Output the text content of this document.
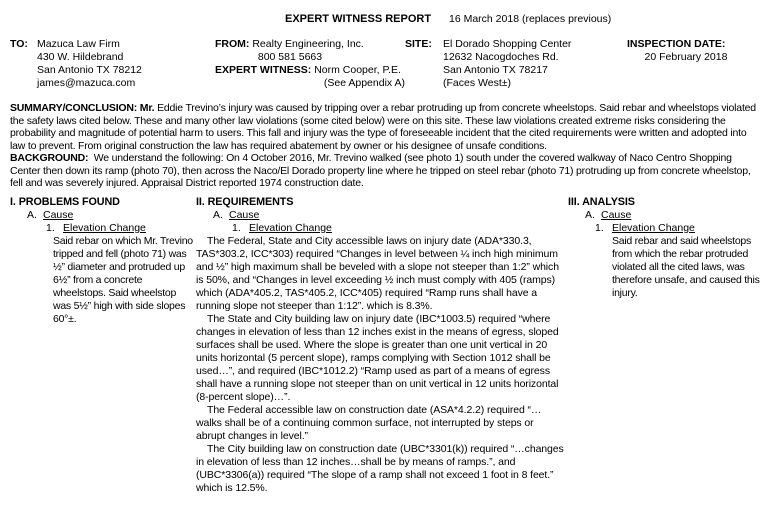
EXPERT WITNESS REPORT 16 March 2018 (replaces previous)
TO: Mazuca Law Firm
430 W. Hildebrand
San Antonio TX 78212
james@mazuca.com
FROM: Realty Engineering, Inc.
800 581 5663
EXPERT WITNESS: Norm Cooper, P.E.
(See Appendix A)
SITE: El Dorado Shopping Center
12632 Nacogdoches Rd.
San Antonio TX 78217
(Faces West±)
INSPECTION DATE:
20 February 2018

SUMMARY/CONCLUSION: Mr. Eddie Trevino’s injury was caused by tripping over a rebar protruding up from concrete wheelstops. Said rebar and wheelstops violated the safety laws cited below. These and many other law violations (some cited below) were on this site. These law violations created extreme risks considering the probability and magnitude of potential harm to users. This fall and injury was the type of foreseeable incident that the cited requirements were written and adopted into law to prevent. From original construction the law has required abatement by owner or his designee of unsafe conditions.

BACKGROUND: We understand the following: On 4 October 2016, Mr. Trevino walked (see photo 1) south under the covered walkway of Naco Centro Shopping Center then down its ramp (photo 70), then across the Naco/El Dorado property line where he tripped on steel rebar (photo 71) protruding up from concrete wheelstop, fell and was severely injured. Appraisal District reported 1974 construction date.

I. PROBLEMS FOUND
A. Cause
1. Elevation Change

Said rebar on which Mr. Trevino tripped and fell (photo 71) was ½” diameter and protruded up 6½” from a concrete wheelstops. Said wheelstop was 5½” high with side slopes 60°±.

II. REQUIREMENTS
A. Cause
1. Elevation Change

The Federal, State and City accessible laws on injury date (ADA*330.3, TAS*303.2, ICC*303) required “Changes in level between ¼ inch high minimum and ½” high maximum shall be beveled with a slope not steeper than 1:2” which is 50%, and “Changes in level exceeding ½ inch must comply with 405 (ramps) which (ADA*405.2, TAS*405.2, ICC*405) required “Ramp runs shall have a running slope not steeper than 1:12”. which is 8.3%.

The State and City building law on injury date (IBC*1003.5) required “where changes in elevation of less than 12 inches exist in the means of egress, sloped surfaces shall be used. Where the slope is greater than one unit vertical in 20 units horizontal (5 percent slope), ramps complying with Section 1012 shall be used…”, and required (IBC*1012.2) “Ramp used as part of a means of egress shall have a running slope not steeper than on unit vertical in 12 units horizontal (8-percent slope)…”.

The Federal accessible law on construction date (ASA*4.2.2) required “…walks shall be of a continuing common surface, not interrupted by steps or abrupt changes in level.”

The City building law on construction date (UBC*3301(k)) required “…changes in elevation of less than 12 inches…shall be by means of ramps.”, and (UBC*3306(a)) required “The slope of a ramp shall not exceed 1 foot in 8 feet.” which is 12.5%.

III. ANALYSIS
A. Cause
1. Elevation Change

Said rebar and said wheelstops from which the rebar protruded violated all the cited laws, was therefore unsafe, and caused this injury.
